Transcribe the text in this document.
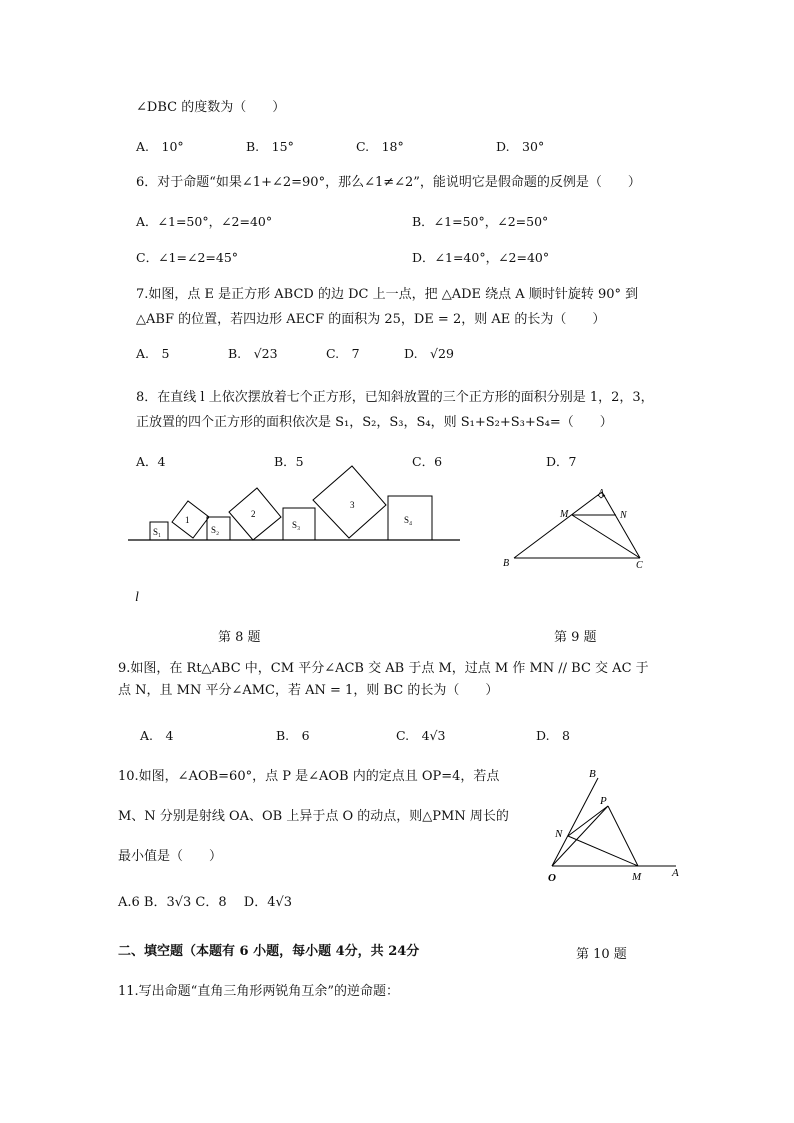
∠DBC 的度数为（　　）
A.　10°	B.　15°	C.　18°	D.　30°
6．对于命题“如果∠1+∠2=90°，那么∠1≠∠2”，能说明它是假命题的反例是（　　）
A．∠1=50°，∠2=40°	B．∠1=50°，∠2=50°
C．∠1=∠2=45°	D．∠1=40°，∠2=40°
7.如图，点 E 是正方形 ABCD 的边 DC 上一点，把 △ADE 绕点 A 顺时针旋转 90° 到
△ABF 的位置，若四边形 AECF 的面积为 25，DE = 2，则 AE 的长为（　　）
A.　5	B.　√23	C.　7	D.　√29
8．在直线 l 上依次摆放着七个正方形，已知斜放置的三个正方形的面积分别是 1，2，3，
正放置的四个正方形的面积依次是 S₁，S₂，S₃，S₄，则 S₁+S₂+S₃+S₄=（　　）
A．4	B．5	C．6	D．7
S₁
1
S₂
2
S₃
3
S₄
l
A
M	N
B	C
第 8 题	第 9 题
9.如图，在 Rt△ABC 中，CM 平分∠ACB 交 AB 于点 M，过点 M 作 MN // BC 交 AC 于
点 N，且 MN 平分∠AMC，若 AN = 1，则 BC 的长为（　　）
A.　4	B.　6	C.　4√3	D.　8
10.如图，∠AOB=60°，点 P 是∠AOB 内的定点且 OP=4，若点
M、N 分别是射线 OA、OB 上异于点 O 的动点，则△PMN 周长的
最小值是（　　）
A.6 B．3√3 C．8　 D．4√3
B
P
N
O	M	A
二、填空题（本题有 6 小题，每小题 4分，共 24分	第 10 题
11.写出命题“直角三角形两锐角互余”的逆命题：
